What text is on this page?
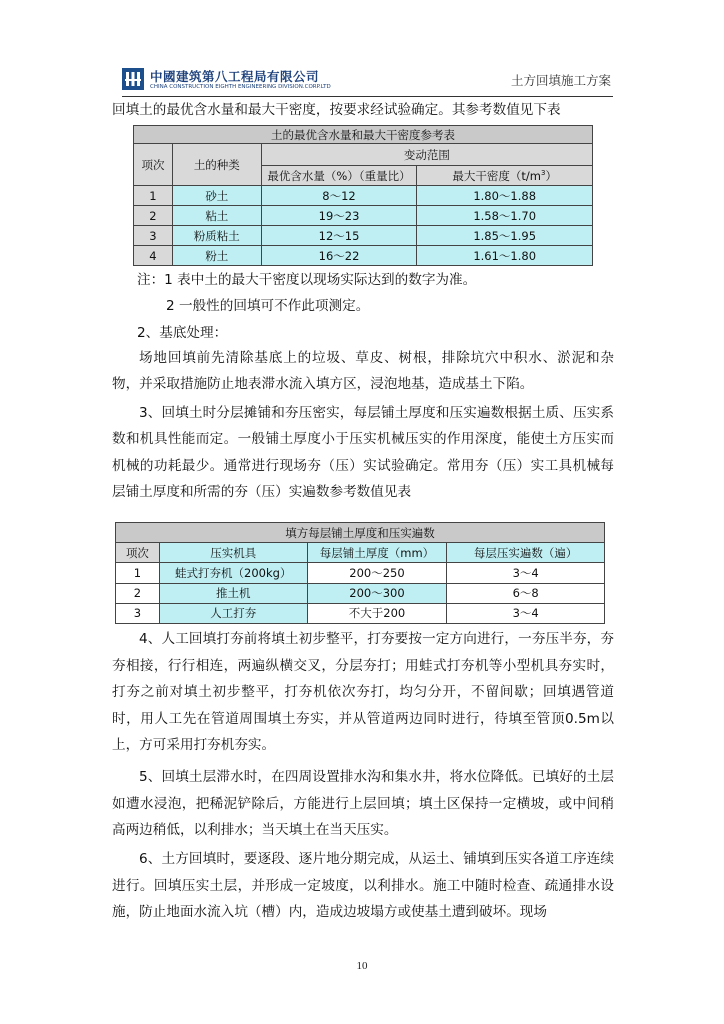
中國建筑第八工程局有限公司
CHINA CONSTRUCTION EIGHTH ENGINEERING DIVISION.CORP.LTD	土方回填施工方案

回填土的最优含水量和最大干密度，按要求经试验确定。其参考数值见下表

土的最优含水量和最大干密度参考表			
项次	土的种类	变动范围	
		最优含水量（%）（重量比）	最大干密度$(t/m^3)$
1	砂土	8～12	1.80～1.88
2	粘土	19～23	1.58～1.70
3	粉质粘土	12～15	1.85～1.95
4	粉土	16～22	1.61～1.80

注：1 表中土的最大干密度以现场实际达到的数字为准。

2 一般性的回填可不作此项测定。

2、基底处理：

场地回填前先清除基底上的垃圾、草皮、树根，排除坑穴中积水、淤泥和杂物，并采取措施防止地表滞水流入填方区，浸泡地基，造成基土下陷。

3、回填土时分层摊铺和夯压密实，每层铺土厚度和压实遍数根据土质、压实系数和机具性能而定。一般铺土厚度小于压实机械压实的作用深度，能使土方压实而机械的功耗最少。通常进行现场夯（压）实试验确定。常用夯（压）实工具机械每层铺土厚度和所需的夯（压）实遍数参考数值见表

填方每层铺土厚度和压实遍数			
项次	压实机具	每层铺土厚度（mm）	每层压实遍数（遍）
1	蛙式打夯机（200kg）	200～250	3～4
2	推土机	200～300	6～8
3	人工打夯	不大于200	3～4

4、人工回填打夯前将填土初步整平，打夯要按一定方向进行，一夯压半夯，夯夯相接，行行相连，两遍纵横交叉，分层夯打；用蛙式打夯机等小型机具夯实时，打夯之前对填土初步整平，打夯机依次夯打，均匀分开，不留间歇；回填遇管道时，用人工先在管道周围填土夯实，并从管道两边同时进行，待填至管顶0.5m以上，方可采用打夯机夯实。

5、回填土层滞水时，在四周设置排水沟和集水井，将水位降低。已填好的土层如遭水浸泡，把稀泥铲除后，方能进行上层回填；填土区保持一定横坡，或中间稍高两边稍低，以利排水；当天填土在当天压实。

6、土方回填时，要逐段、逐片地分期完成，从运土、铺填到压实各道工序连续进行。回填压实土层，并形成一定坡度，以利排水。施工中随时检查、疏通排水设施，防止地面水流入坑（槽）内，造成边坡塌方或使基土遭到破坏。现场

10
